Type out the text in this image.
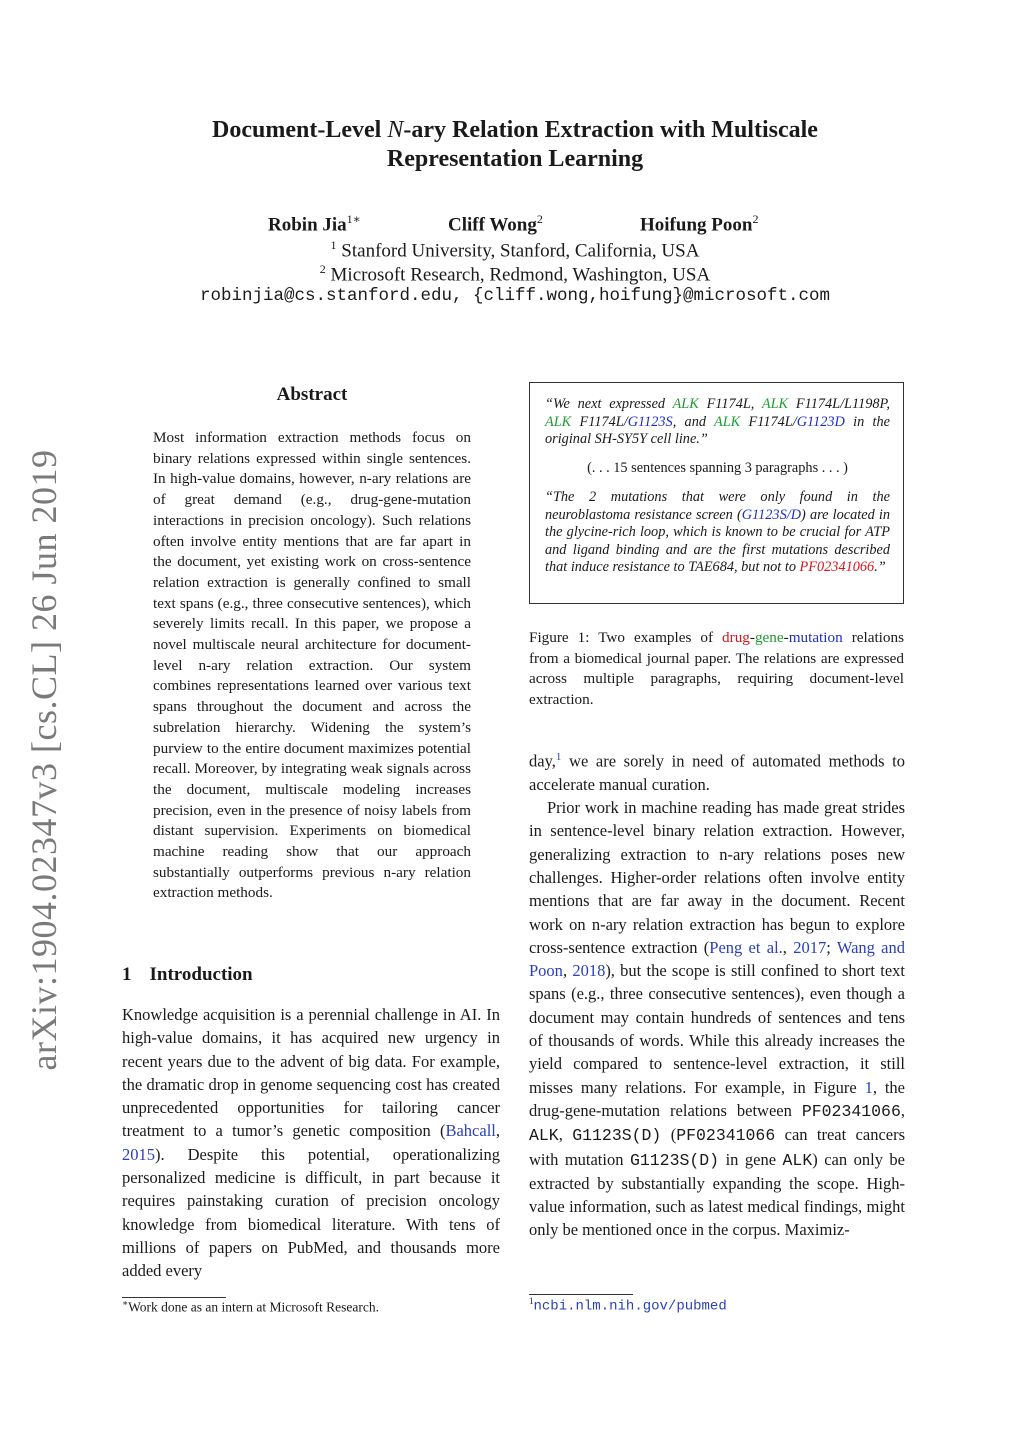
arXiv:1904.02347v3 [cs.CL] 26 Jun 2019
Document-Level N-ary Relation Extraction with Multiscale
Representation Learning
Robin Jia$^{1∗}$	Cliff Wong$^2$	Hoifung Poon$^2$
$^1$ Stanford University, Stanford, California, USA
$^2$ Microsoft Research, Redmond, Washington, USA
robinjia@cs.stanford.edu, {cliff.wong,hoifung}@microsoft.com
Abstract
Most information extraction methods focus on binary relations expressed within single sentences. In high-value domains, however, n-ary relations are of great demand (e.g., drug-gene-mutation interactions in precision oncology). Such relations often involve entity mentions that are far apart in the document, yet existing work on cross-sentence relation extraction is generally confined to small text spans (e.g., three consecutive sentences), which severely limits recall. In this paper, we propose a novel multiscale neural architecture for document-level n-ary relation extraction. Our system combines representations learned over various text spans throughout the document and across the subrelation hierarchy. Widening the system’s purview to the entire document maximizes potential recall. Moreover, by integrating weak signals across the document, multiscale modeling increases precision, even in the presence of noisy labels from distant supervision. Experiments on biomedical machine reading show that our approach substantially outperforms previous n-ary relation extraction methods.
1 Introduction

Knowledge acquisition is a perennial challenge in AI. In high-value domains, it has acquired new urgency in recent years due to the advent of big data. For example, the dramatic drop in genome sequencing cost has created unprecedented opportunities for tailoring cancer treatment to a tumor’s genetic composition (Bahcall, 2015). Despite this potential, operationalizing personalized medicine is difficult, in part because it requires painstaking curation of precision oncology knowledge from biomedical literature. With tens of millions of papers on PubMed, and thousands more added every

∗Work done as an intern at Microsoft Research.
“We next expressed ALK F1174L, ALK F1174L/L1198P, ALK F1174L/G1123S, and ALK F1174L/G1123D in the original SH-SY5Y cell line.”
(. . . 15 sentences spanning 3 paragraphs . . . )
“The 2 mutations that were only found in the neuroblastoma resistance screen (G1123S/D) are located in the glycine-rich loop, which is known to be crucial for ATP and ligand binding and are the first mutations described that induce resistance to TAE684, but not to PF02341066.”
Figure 1: Two examples of drug-gene-mutation relations from a biomedical journal paper. The relations are expressed across multiple paragraphs, requiring document-level extraction.

day,$^1$ we are sorely in need of automated methods to accelerate manual curation.

Prior work in machine reading has made great strides in sentence-level binary relation extraction. However, generalizing extraction to n-ary relations poses new challenges. Higher-order relations often involve entity mentions that are far away in the document. Recent work on n-ary relation extraction has begun to explore cross-sentence extraction (Peng et al., 2017; Wang and Poon, 2018), but the scope is still confined to short text spans (e.g., three consecutive sentences), even though a document may contain hundreds of sentences and tens of thousands of words. While this already increases the yield compared to sentence-level extraction, it still misses many relations. For example, in Figure 1, the drug-gene-mutation relations between PF02341066, ALK, G1123S(D) (PF02341066 can treat cancers with mutation G1123S(D) in gene ALK) can only be extracted by substantially expanding the scope. High-value information, such as latest medical findings, might only be mentioned once in the corpus. Maximiz-

$^1$ncbi.nlm.nih.gov/pubmed
